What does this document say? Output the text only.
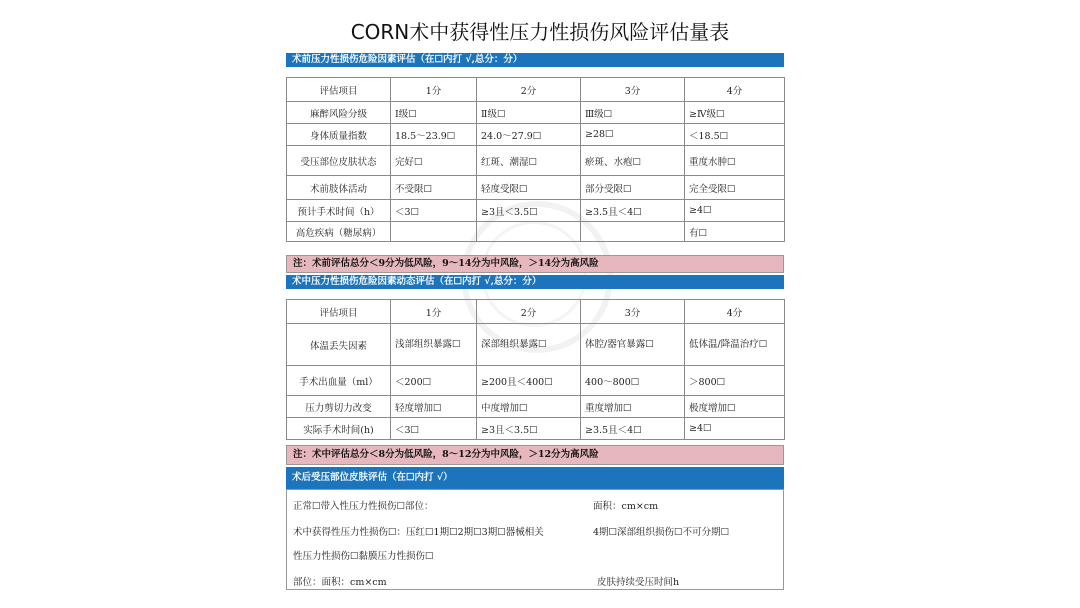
CORN术中获得性压力性损伤风险评估量表
术前压力性损伤危险因素评估（在☐内打 √,总分：分）
评估项目	1分	2分	3分	4分
麻醉风险分级	Ⅰ级☐	Ⅱ级☐	Ⅲ级☐	≥Ⅳ级☐
身体质量指数	18.5～23.9☐	24.0～27.9☐	≥28☐	＜18.5☐
受压部位皮肤状态	完好☐	红斑、潮湿☐	瘀斑、水疱☐	重度水肿☐
术前肢体活动	不受限☐	轻度受限☐	部分受限☐	完全受限☐
预计手术时间（h）	＜3☐	≥3且＜3.5☐	≥3.5且＜4☐	≥4☐
高危疾病（糖尿病）				有☐
注：术前评估总分＜9分为低风险，9～14分为中风险，＞14分为高风险
术中压力性损伤危险因素动态评估（在☐内打 √,总分：分）
评估项目	1分	2分	3分	4分
体温丢失因素	浅部组织暴露☐	深部组织暴露☐	体腔/器官暴露☐	低体温/降温治疗☐
手术出血量（ml）	＜200☐	≥200且＜400☐	400～800☐	＞800☐
压力剪切力改变	轻度增加☐	中度增加☐	重度增加☐	极度增加☐
实际手术时间(h)	＜3☐	≥3且＜3.5☐	≥3.5且＜4☐	≥4☐
注：术中评估总分＜8分为低风险，8～12分为中风险，＞12分为高风险
术后受压部位皮肤评估（在☐内打 √）
正常☐带入性压力性损伤☐部位：	面积：cm×cm
术中获得性压力性损伤☐：压红☐1期☐2期☐3期☐器械相关	4期☐深部组织损伤☐不可分期☐
性压力性损伤☐黏膜压力性损伤☐
部位：面积：cm×cm	皮肤持续受压时间h
